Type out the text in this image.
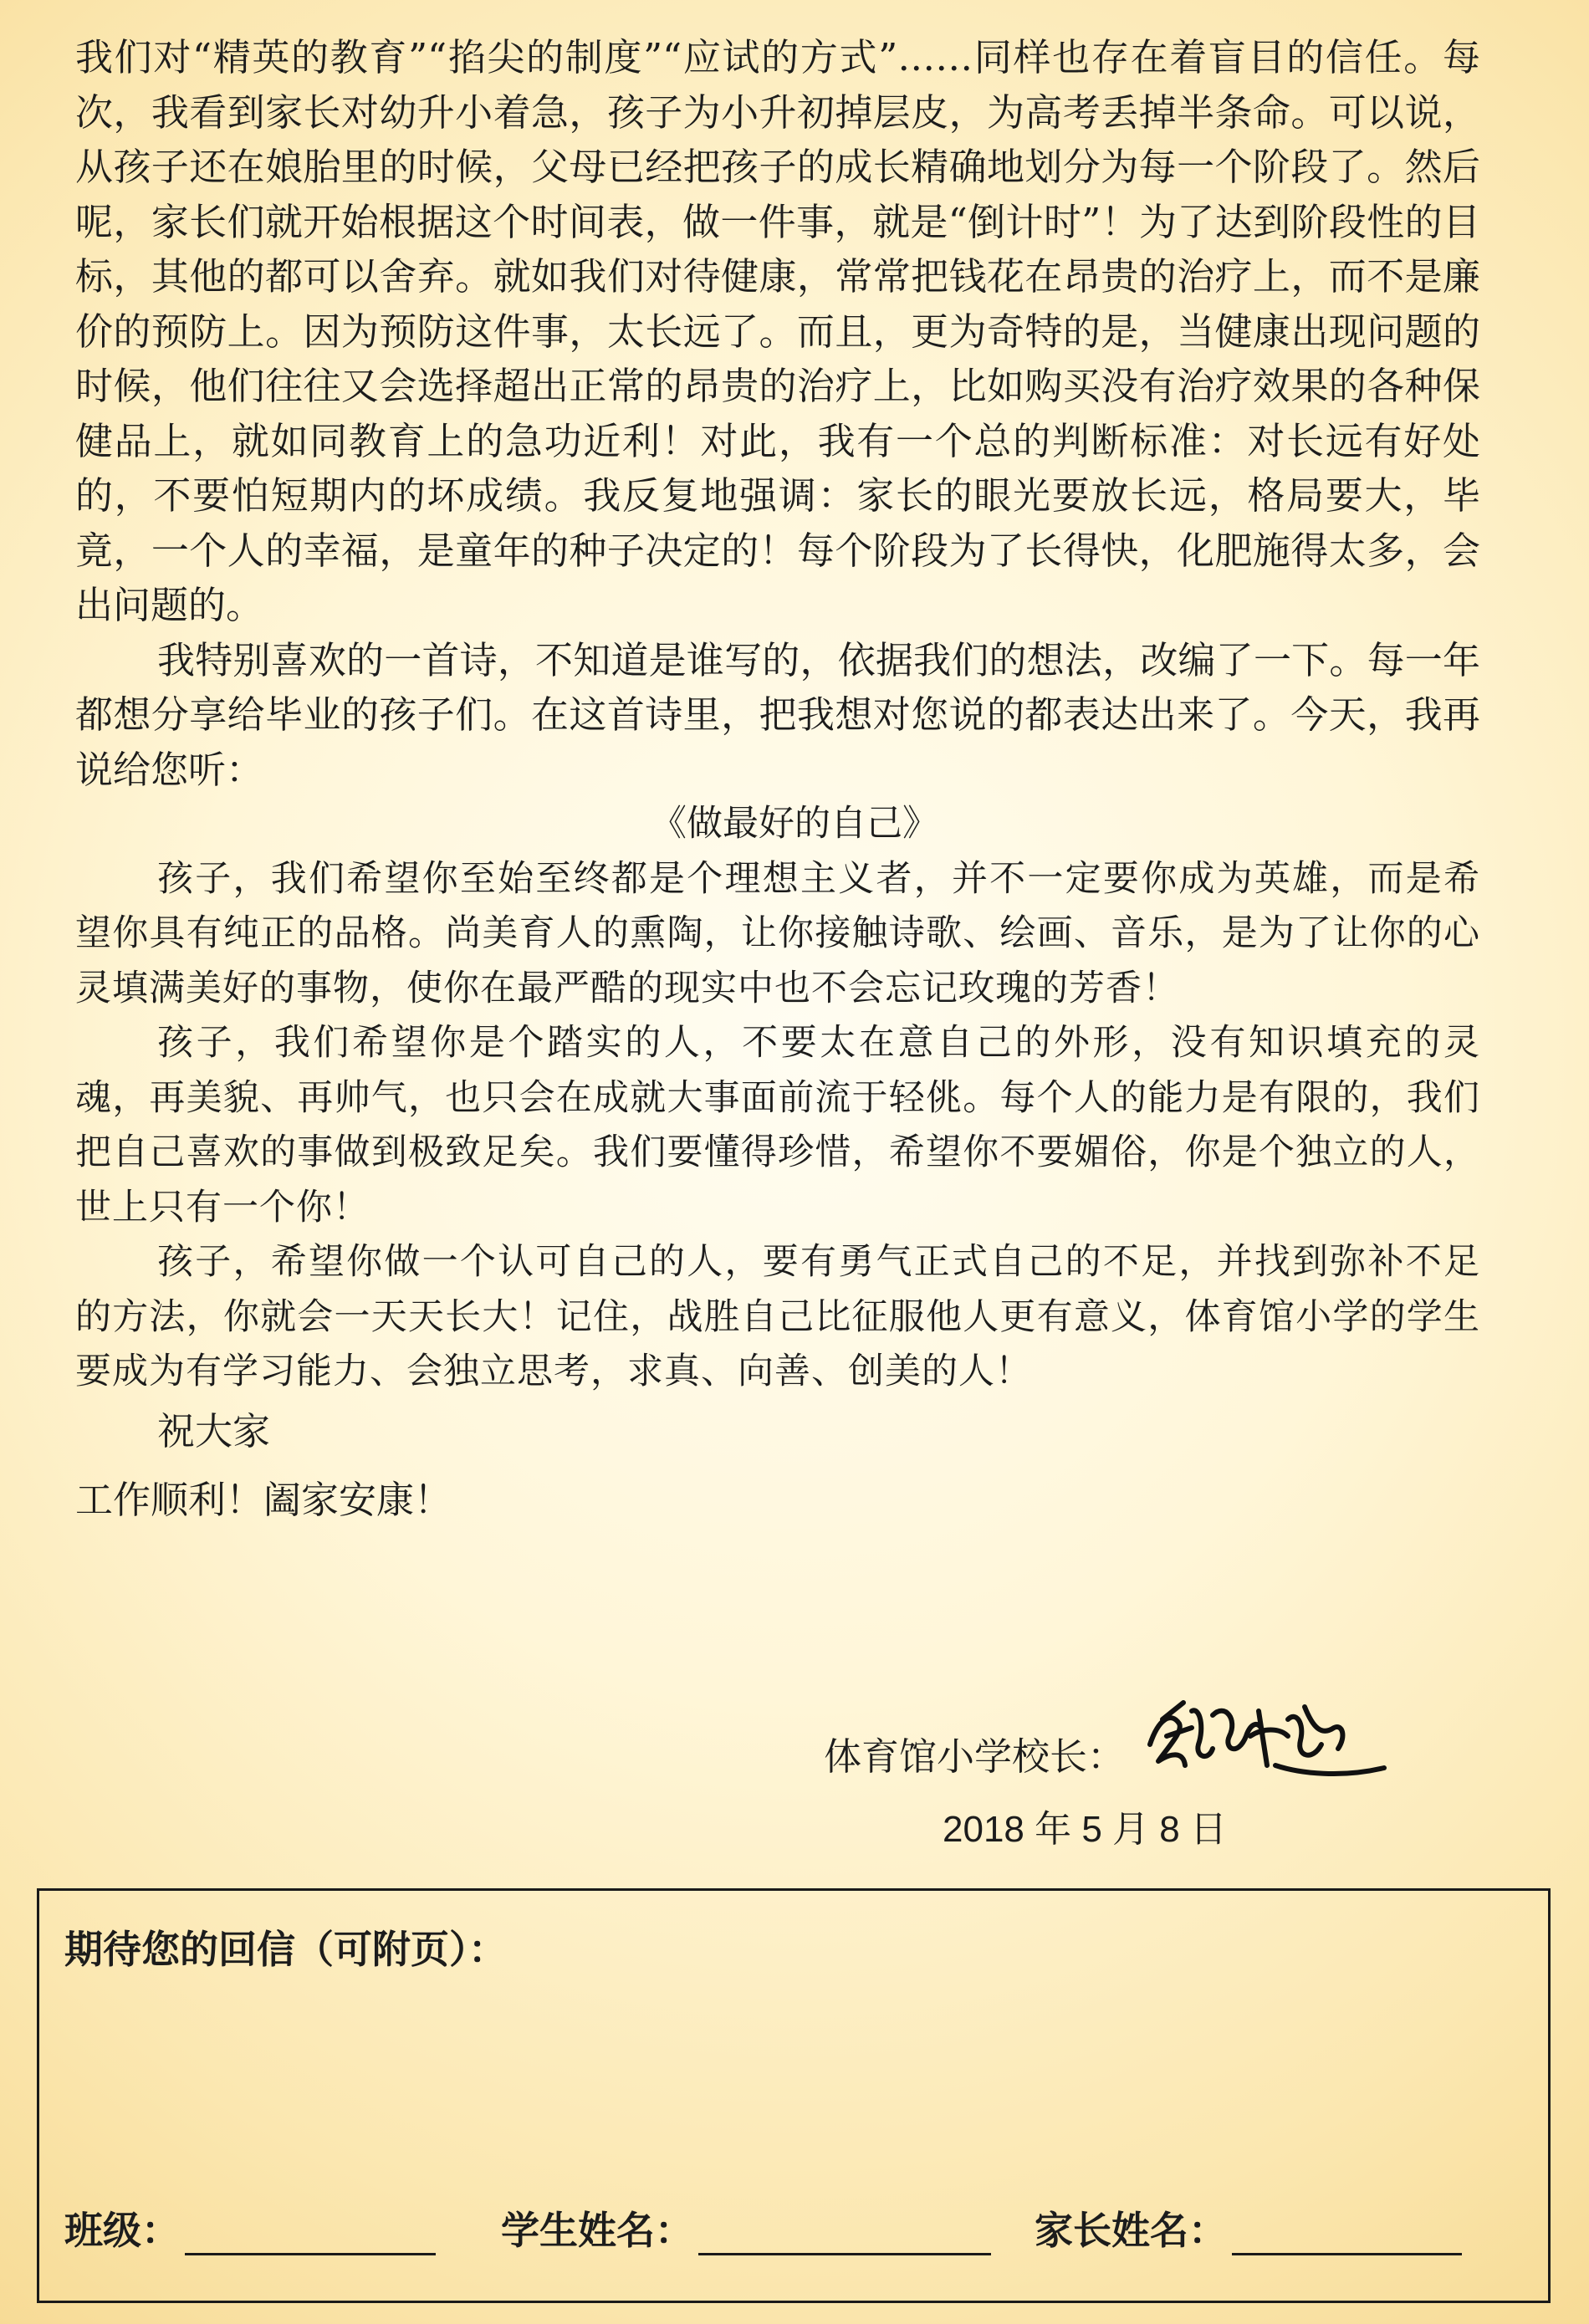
我们对“精英的教育”“掐尖的制度”“应试的方式”……同样也存在着盲目的信任。每次，我看到家长对幼升小着急，孩子为小升初掉层皮，为高考丢掉半条命。可以说，从孩子还在娘胎里的时候，父母已经把孩子的成长精确地划分为每一个阶段了。然后呢，家长们就开始根据这个时间表，做一件事，就是“倒计时”！为了达到阶段性的目标，其他的都可以舍弃。就如我们对待健康，常常把钱花在昂贵的治疗上，而不是廉价的预防上。因为预防这件事，太长远了。而且，更为奇特的是，当健康出现问题的时候，他们往往又会选择超出正常的昂贵的治疗上，比如购买没有治疗效果的各种保健品上，就如同教育上的急功近利！对此，我有一个总的判断标准：对长远有好处的，不要怕短期内的坏成绩。我反复地强调：家长的眼光要放长远，格局要大，毕竟，一个人的幸福，是童年的种子决定的！每个阶段为了长得快，化肥施得太多，会出问题的。

我特别喜欢的一首诗，不知道是谁写的，依据我们的想法，改编了一下。每一年都想分享给毕业的孩子们。在这首诗里，把我想对您说的都表达出来了。今天，我再说给您听：

《做最好的自己》

孩子，我们希望你至始至终都是个理想主义者，并不一定要你成为英雄，而是希望你具有纯正的品格。尚美育人的熏陶，让你接触诗歌、绘画、音乐，是为了让你的心灵填满美好的事物，使你在最严酷的现实中也不会忘记玫瑰的芳香！

孩子，我们希望你是个踏实的人，不要太在意自己的外形，没有知识填充的灵魂，再美貌、再帅气，也只会在成就大事面前流于轻佻。每个人的能力是有限的，我们把自己喜欢的事做到极致足矣。我们要懂得珍惜，希望你不要媚俗，你是个独立的人，世上只有一个你！

孩子，希望你做一个认可自己的人，要有勇气正式自己的不足，并找到弥补不足的方法，你就会一天天长大！记住，战胜自己比征服他人更有意义，体育馆小学的学生要成为有学习能力、会独立思考，求真、向善、创美的人！

祝大家

工作顺利！阖家安康！

体育馆小学校长：
2018 年 5 月 8 日
期待您的回信（可附页）：
班级：	学生姓名：	家长姓名：
